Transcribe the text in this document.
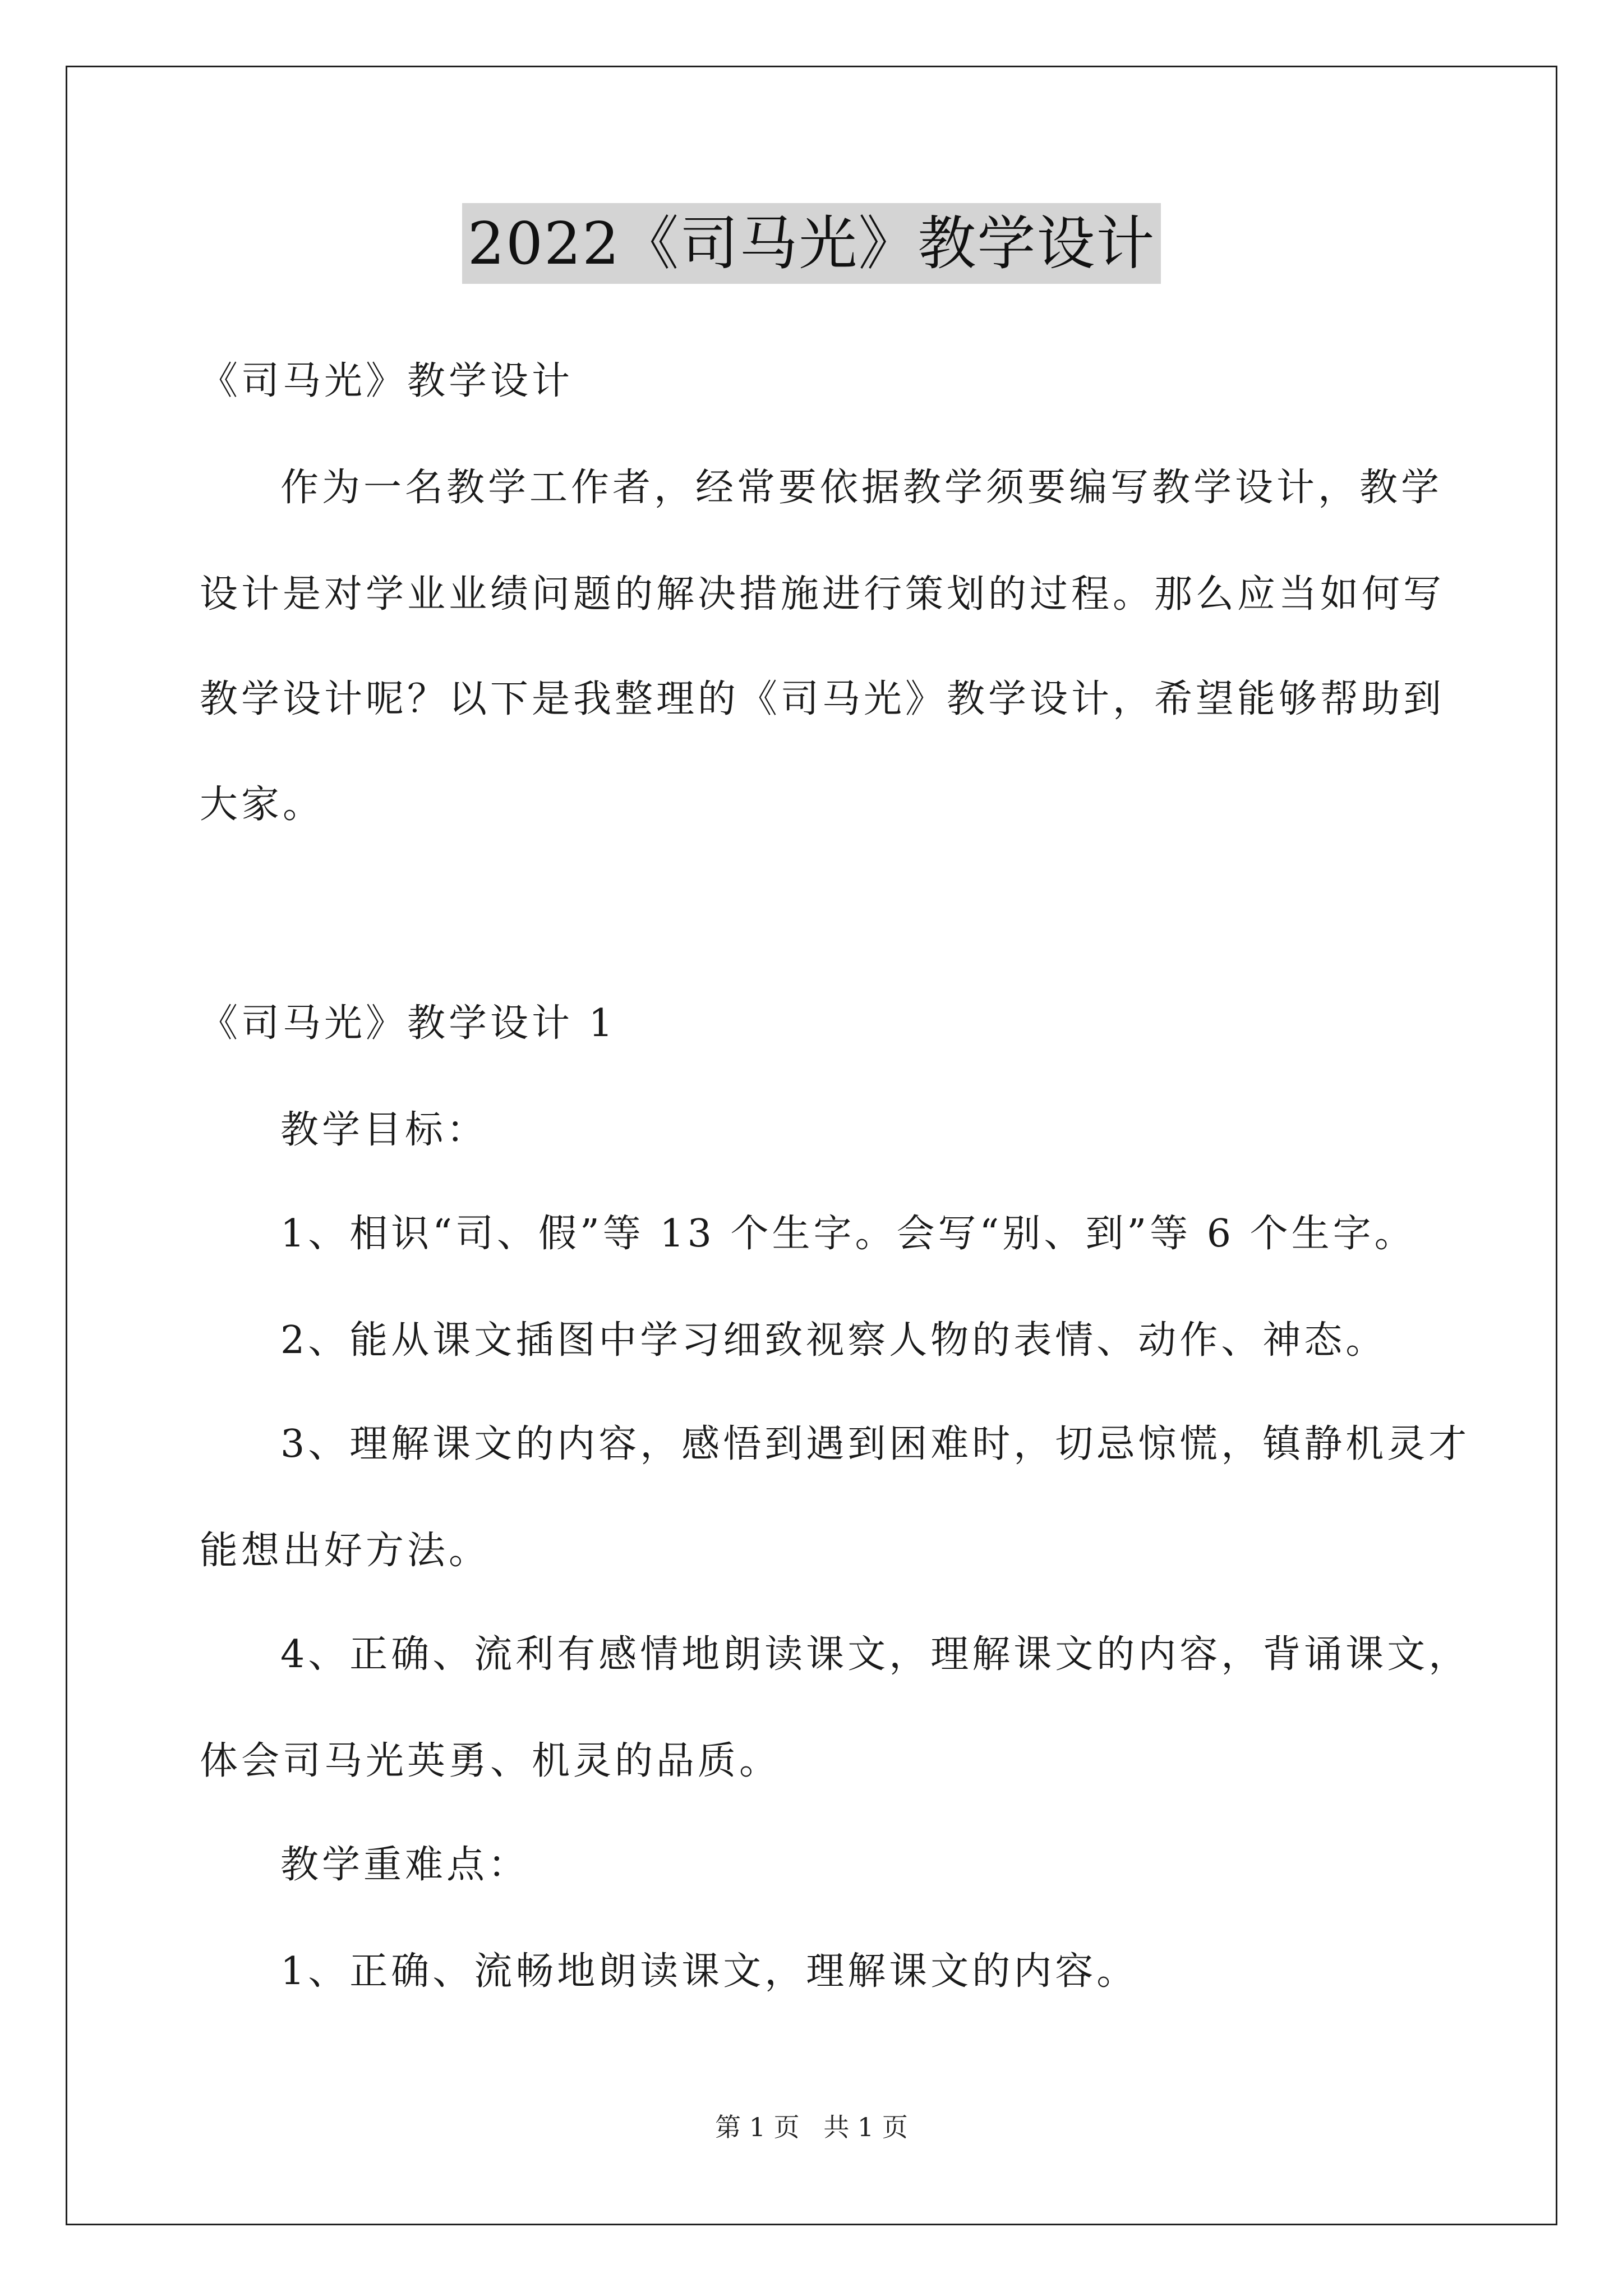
2022《司马光》教学设计
《司马光》教学设计
作为一名教学工作者，经常要依据教学须要编写教学设计，教学
设计是对学业业绩问题的解决措施进行策划的过程。那么应当如何写
教学设计呢？以下是我整理的《司马光》教学设计，希望能够帮助到
大家。
《司马光》教学设计 1
教学目标：
1、相识“司、假”等 13 个生字。会写“别、到”等 6 个生字。
2、能从课文插图中学习细致视察人物的表情、动作、神态。
3、理解课文的内容，感悟到遇到困难时，切忌惊慌，镇静机灵才
能想出好方法。
4、正确、流利有感情地朗读课文，理解课文的内容，背诵课文，
体会司马光英勇、机灵的品质。
教学重难点：
1、正确、流畅地朗读课文，理解课文的内容。
第 1 页 共 1 页
